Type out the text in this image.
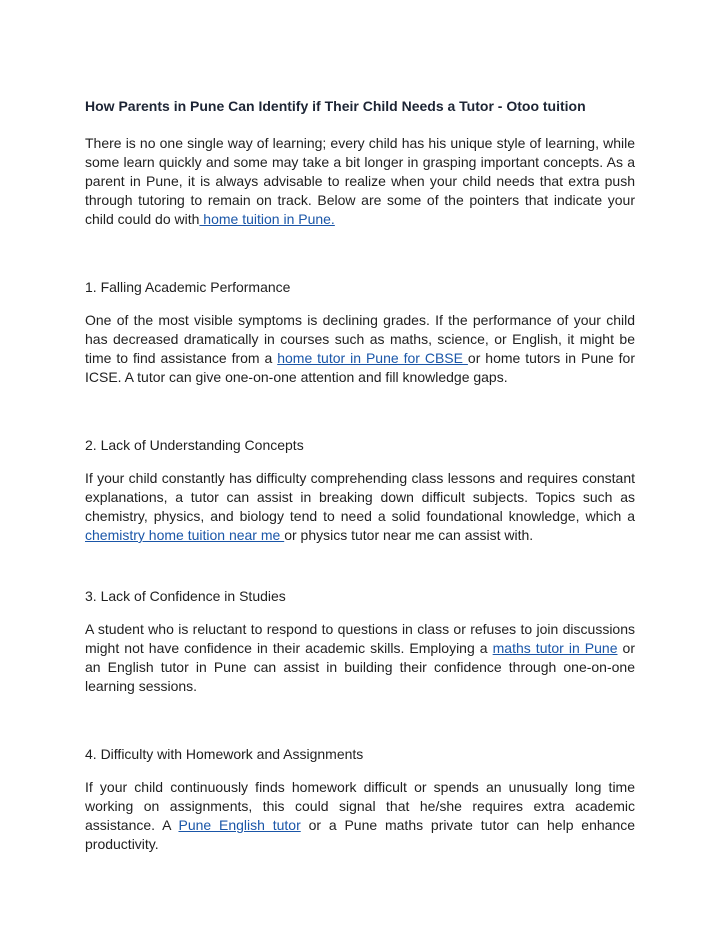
How Parents in Pune Can Identify if Their Child Needs a Tutor - Otoo tuition

There is no one single way of learning; every child has his unique style of learning, while some learn quickly and some may take a bit longer in grasping important concepts. As a parent in Pune, it is always advisable to realize when your child needs that extra push through tutoring to remain on track. Below are some of the pointers that indicate your child could do with home tuition in Pune.

1. Falling Academic Performance

One of the most visible symptoms is declining grades. If the performance of your child has decreased dramatically in courses such as maths, science, or English, it might be time to find assistance from a home tutor in Pune for CBSE or home tutors in Pune for ICSE. A tutor can give one-on-one attention and fill knowledge gaps.

2. Lack of Understanding Concepts

If your child constantly has difficulty comprehending class lessons and requires constant explanations, a tutor can assist in breaking down difficult subjects. Topics such as chemistry, physics, and biology tend to need a solid foundational knowledge, which a chemistry home tuition near me or physics tutor near me can assist with.

3. Lack of Confidence in Studies

A student who is reluctant to respond to questions in class or refuses to join discussions might not have confidence in their academic skills. Employing a maths tutor in Pune or an English tutor in Pune can assist in building their confidence through one-on-one learning sessions.

4. Difficulty with Homework and Assignments

If your child continuously finds homework difficult or spends an unusually long time working on assignments, this could signal that he/she requires extra academic assistance. A Pune English tutor or a Pune maths private tutor can help enhance productivity.
